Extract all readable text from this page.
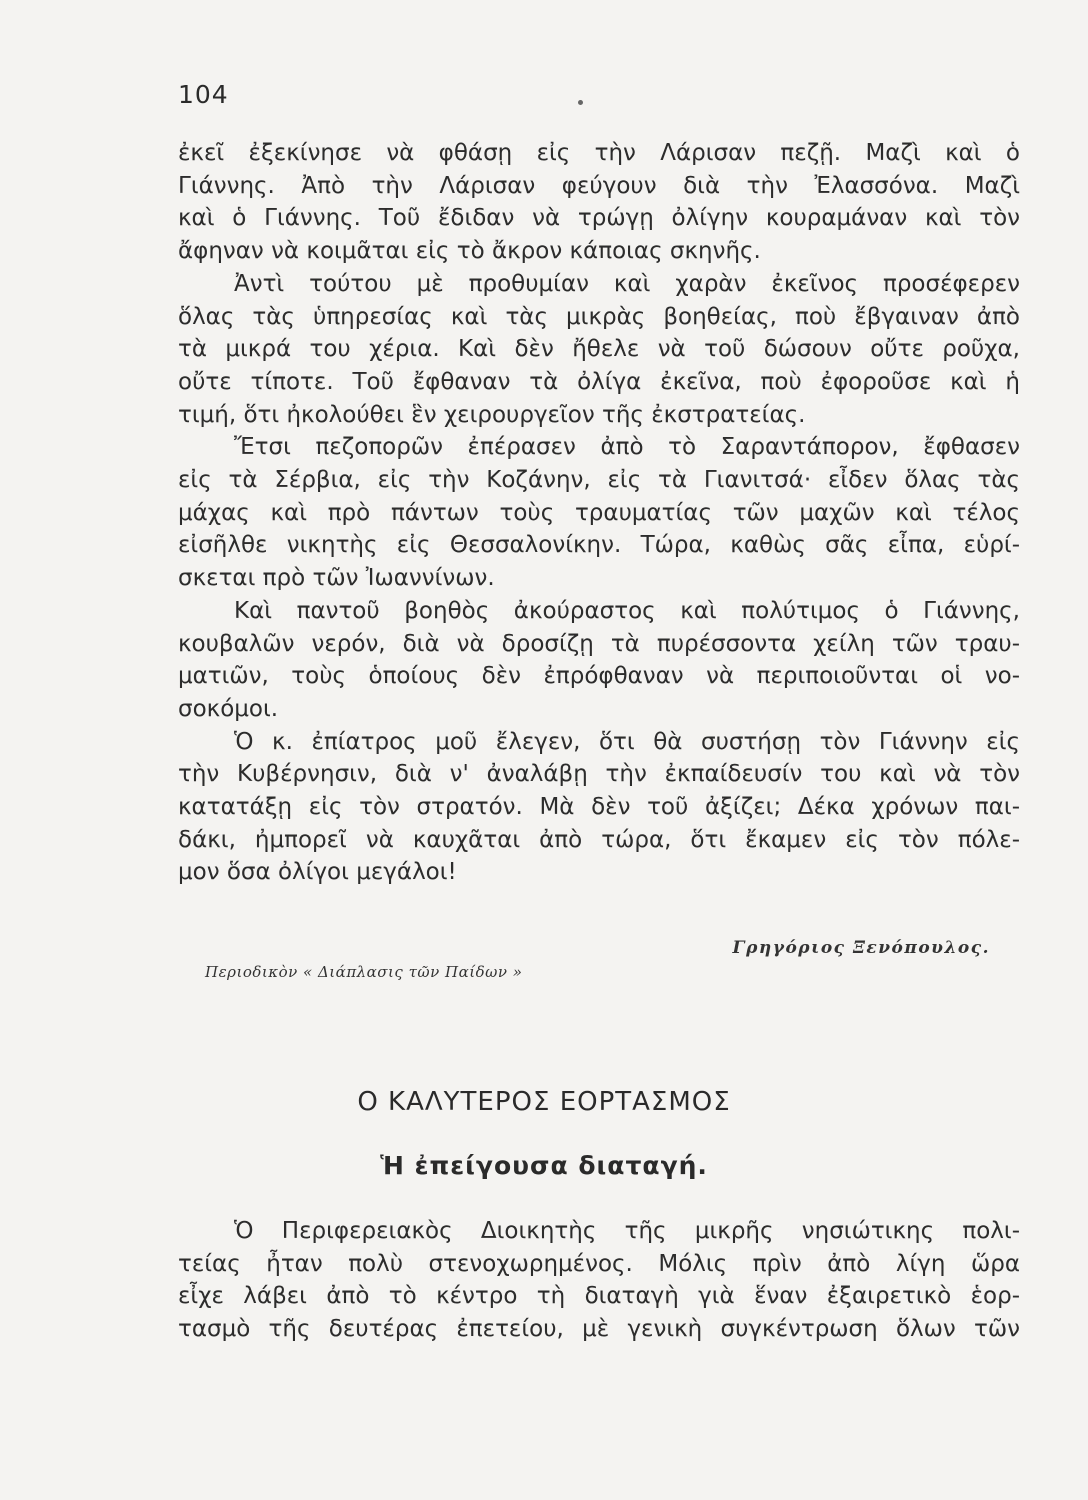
104
ἐκεῖ ἐξεκίνησε νὰ φθάσῃ εἰς τὴν Λάρισαν πεζῇ. Μαζὶ καὶ ὁ
Γιάννης. Ἀπὸ τὴν Λάρισαν φεύγουν διὰ τὴν Ἐλασσόνα. Μαζὶ
καὶ ὁ Γιάννης. Τοῦ ἔδιδαν νὰ τρώγῃ ὀλίγην κουραμάναν καὶ τὸν
ἄφηναν νὰ κοιμᾶται εἰς τὸ ἄκρον κάποιας σκηνῆς.
Ἀντὶ τούτου μὲ προθυμίαν καὶ χαρὰν ἐκεῖνος προσέφερεν
ὅλας τὰς ὑπηρεσίας καὶ τὰς μικρὰς βοηθείας, ποὺ ἔβγαιναν ἀπὸ
τὰ μικρά του χέρια. Καὶ δὲν ἤθελε νὰ τοῦ δώσουν οὔτε ροῦχα,
οὔτε τίποτε. Τοῦ ἔφθαναν τὰ ὀλίγα ἐκεῖνα, ποὺ ἐφοροῦσε καὶ ἡ
τιμή, ὅτι ἠκολούθει ἓν χειρουργεῖον τῆς ἐκστρατείας.
Ἔτσι πεζοπορῶν ἐπέρασεν ἀπὸ τὸ Σαραντάπορον, ἔφθασεν
εἰς τὰ Σέρβια, εἰς τὴν Κοζάνην, εἰς τὰ Γιανιτσά· εἶδεν ὅλας τὰς
μάχας καὶ πρὸ πάντων τοὺς τραυματίας τῶν μαχῶν καὶ τέλος
εἰσῆλθε νικητὴς εἰς Θεσσαλονίκην. Τώρα, καθὼς σᾶς εἶπα, εὑρί-
σκεται πρὸ τῶν Ἰωαννίνων.
Καὶ παντοῦ βοηθὸς ἀκούραστος καὶ πολύτιμος ὁ Γιάννης,
κουβαλῶν νερόν, διὰ νὰ δροσίζῃ τὰ πυρέσσοντα χείλη τῶν τραυ-
ματιῶν, τοὺς ὁποίους δὲν ἐπρόφθαναν νὰ περιποιοῦνται οἱ νο-
σοκόμοι.
Ὁ κ. ἐπίατρος μοῦ ἔλεγεν, ὅτι θὰ συστήσῃ τὸν Γιάννην εἰς
τὴν Κυβέρνησιν, διὰ ν' ἀναλάβῃ τὴν ἐκπαίδευσίν του καὶ νὰ τὸν
κατατάξῃ εἰς τὸν στρατόν. Μὰ δὲν τοῦ ἀξίζει; Δέκα χρόνων παι-
δάκι, ἠμπορεῖ νὰ καυχᾶται ἀπὸ τώρα, ὅτι ἔκαμεν εἰς τὸν πόλε-
μον ὅσα ὀλίγοι μεγάλοι!
Γρηγόριος Ξενόπουλος.
Περιοδικὸν « Διάπλασις τῶν Παίδων »
Ο ΚΑΛΥΤΕΡΟΣ ΕΟΡΤΑΣΜΟΣ
Ἡ ἐπείγουσα διαταγή.
Ὁ Περιφερειακὸς Διοικητὴς τῆς μικρῆς νησιώτικης πολι-
τείας ἦταν πολὺ στενοχωρημένος. Μόλις πρὶν ἀπὸ λίγη ὥρα
εἶχε λάβει ἀπὸ τὸ κέντρο τὴ διαταγὴ γιὰ ἕναν ἐξαιρετικὸ ἑορ-
τασμὸ τῆς δευτέρας ἐπετείου, μὲ γενικὴ συγκέντρωση ὅλων τῶν
